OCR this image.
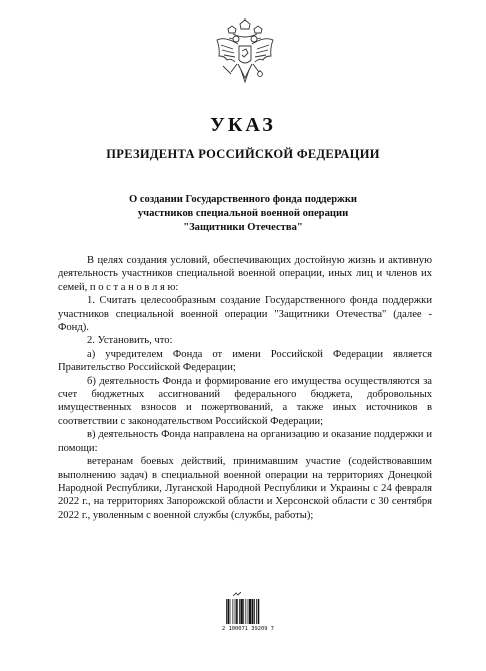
УКАЗ
ПРЕЗИДЕНТА РОССИЙСКОЙ ФЕДЕРАЦИИ
О создании Государственного фонда поддержки
участников специальной военной операции
"Защитники Отечества"

В целях создания условий, обеспечивающих достойную жизнь и активную деятельность участников специальной военной операции, иных лиц и членов их семей, п о с т а н о в л я ю:

1. Считать целесообразным создание Государственного фонда поддержки участников специальной военной операции "Защитники Отечества" (далее - Фонд).

2. Установить, что:

а) учредителем Фонда от имени Российской Федерации является Правительство Российской Федерации;

б) деятельность Фонда и формирование его имущества осуществляются за счет бюджетных ассигнований федерального бюджета, добровольных имущественных взносов и пожертвований, а также иных источников в соответствии с законодательством Российской Федерации;

в) деятельность Фонда направлена на организацию и оказание поддержки и помощи:

ветеранам боевых действий, принимавшим участие (содействовавшим выполнению задач) в специальной военной операции на территориях Донецкой Народной Республики, Луганской Народной Республики и Украины с 24 февраля 2022 г., на территориях Запорожской области и Херсонской области с 30 сентября 2022 г., уволенным с военной службы (службы, работы);

2 100071 39209 7
